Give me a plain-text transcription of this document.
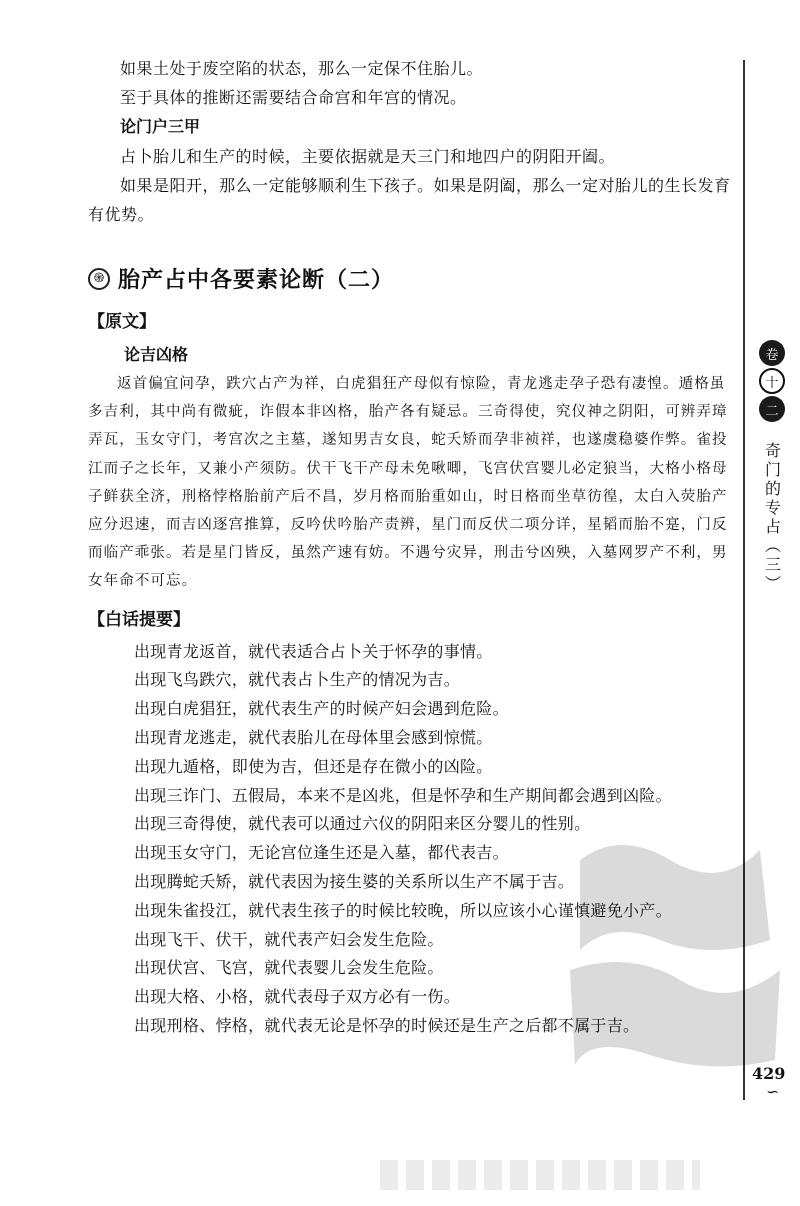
如果土处于废空陷的状态，那么一定保不住胎儿。

至于具体的推断还需要结合命宫和年宫的情况。

论门户三甲

占卜胎儿和生产的时候，主要依据就是天三门和地四户的阴阳开阖。

如果是阳开，那么一定能够顺利生下孩子。如果是阴阖，那么一定对胎儿的生长发育有优势。

֍ 胎产占中各要素论断（二）
【原文】
论吉凶格

返首偏宜问孕，跌穴占产为祥，白虎猖狂产母似有惊险，青龙逃走孕子恐有凄惶。遁格虽多吉利，其中尚有微疵，诈假本非凶格，胎产各有疑忌。三奇得使，究仪神之阴阳，可辨弄璋弄瓦，玉女守门，考宫次之主墓，遂知男吉女良，蛇夭矫而孕非祯祥，也遂虞稳婆作弊。雀投江而子之长年，又兼小产须防。伏干飞干产母未免啾唧，飞宫伏宫婴儿必定狼当，大格小格母子鲜获全济，刑格悖格胎前产后不昌，岁月格而胎重如山，时日格而坐草彷徨，太白入荧胎产应分迟速，而吉凶逐宫推算，反吟伏吟胎产责辨，星门而反伏二项分详，星韬而胎不寔，门反而临产乖张。若是星门皆反，虽然产速有妨。不遇兮灾异，刑击兮凶殃，入墓网罗产不利，男女年命不可忘。

【白话提要】
出现青龙返首，就代表适合占卜关于怀孕的事情。
出现飞鸟跌穴，就代表占卜生产的情况为吉。
出现白虎猖狂，就代表生产的时候产妇会遇到危险。
出现青龙逃走，就代表胎儿在母体里会感到惊慌。
出现九遁格，即使为吉，但还是存在微小的凶险。
出现三诈门、五假局，本来不是凶兆，但是怀孕和生产期间都会遇到凶险。
出现三奇得使，就代表可以通过六仪的阴阳来区分婴儿的性别。
出现玉女守门，无论宫位逢生还是入墓，都代表吉。
出现腾蛇夭矫，就代表因为接生婆的关系所以生产不属于吉。
出现朱雀投江，就代表生孩子的时候比较晚，所以应该小心谨慎避免小产。
出现飞干、伏干，就代表产妇会发生危险。
出现伏宫、飞宫，就代表婴儿会发生危险。
出现大格、小格，就代表母子双方必有一伤。
出现刑格、悖格，就代表无论是怀孕的时候还是生产之后都不属于吉。
卷
十
二
奇门的专占（三）
PDG
429
∽
